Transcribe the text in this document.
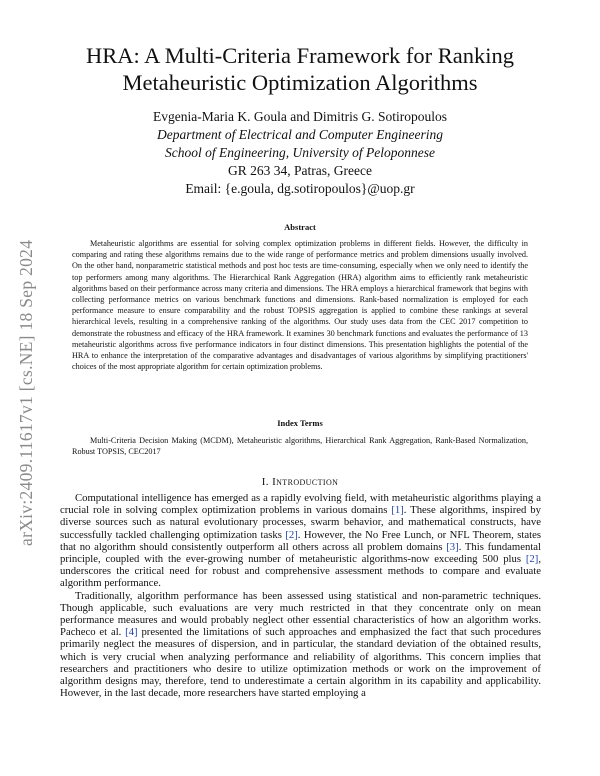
arXiv:2409.11617v1 [cs.NE] 18 Sep 2024
HRA: A Multi-Criteria Framework for Ranking
Metaheuristic Optimization Algorithms
Evgenia-Maria K. Goula and Dimitris G. Sotiropoulos
Department of Electrical and Computer Engineering
School of Engineering, University of Peloponnese
GR 263 34, Patras, Greece
Email: {e.goula, dg.sotiropoulos}@uop.gr
Abstract

Metaheuristic algorithms are essential for solving complex optimization problems in different fields. However, the difficulty in comparing and rating these algorithms remains due to the wide range of performance metrics and problem dimensions usually involved. On the other hand, nonparametric statistical methods and post hoc tests are time-consuming, especially when we only need to identify the top performers among many algorithms. The Hierarchical Rank Aggregation (HRA) algorithm aims to efficiently rank metaheuristic algorithms based on their performance across many criteria and dimensions. The HRA employs a hierarchical framework that begins with collecting performance metrics on various benchmark functions and dimensions. Rank-based normalization is employed for each performance measure to ensure comparability and the robust TOPSIS aggregation is applied to combine these rankings at several hierarchical levels, resulting in a comprehensive ranking of the algorithms. Our study uses data from the CEC 2017 competition to demonstrate the robustness and efficacy of the HRA framework. It examines 30 benchmark functions and evaluates the performance of 13 metaheuristic algorithms across five performance indicators in four distinct dimensions. This presentation highlights the potential of the HRA to enhance the interpretation of the comparative advantages and disadvantages of various algorithms by simplifying practitioners' choices of the most appropriate algorithm for certain optimization problems.

Index Terms

Multi-Criteria Decision Making (MCDM), Metaheuristic algorithms, Hierarchical Rank Aggregation, Rank-Based Normalization, Robust TOPSIS, CEC2017

I. Introduction

Computational intelligence has emerged as a rapidly evolving field, with metaheuristic algorithms playing a crucial role in solving complex optimization problems in various domains [1]. These algorithms, inspired by diverse sources such as natural evolutionary processes, swarm behavior, and mathematical constructs, have successfully tackled challenging optimization tasks [2]. However, the No Free Lunch, or NFL Theorem, states that no algorithm should consistently outperform all others across all problem domains [3]. This fundamental principle, coupled with the ever-growing number of metaheuristic algorithms-now exceeding 500 plus [2], underscores the critical need for robust and comprehensive assessment methods to compare and evaluate algorithm performance.

Traditionally, algorithm performance has been assessed using statistical and non-parametric techniques. Though applicable, such evaluations are very much restricted in that they concentrate only on mean performance measures and would probably neglect other essential characteristics of how an algorithm works. Pacheco et al. [4] presented the limitations of such approaches and emphasized the fact that such procedures primarily neglect the measures of dispersion, and in particular, the standard deviation of the obtained results, which is very crucial when analyzing performance and reliability of algorithms. This concern implies that researchers and practitioners who desire to utilize optimization methods or work on the improvement of algorithm designs may, therefore, tend to underestimate a certain algorithm in its capability and applicability. However, in the last decade, more researchers have started employing a
